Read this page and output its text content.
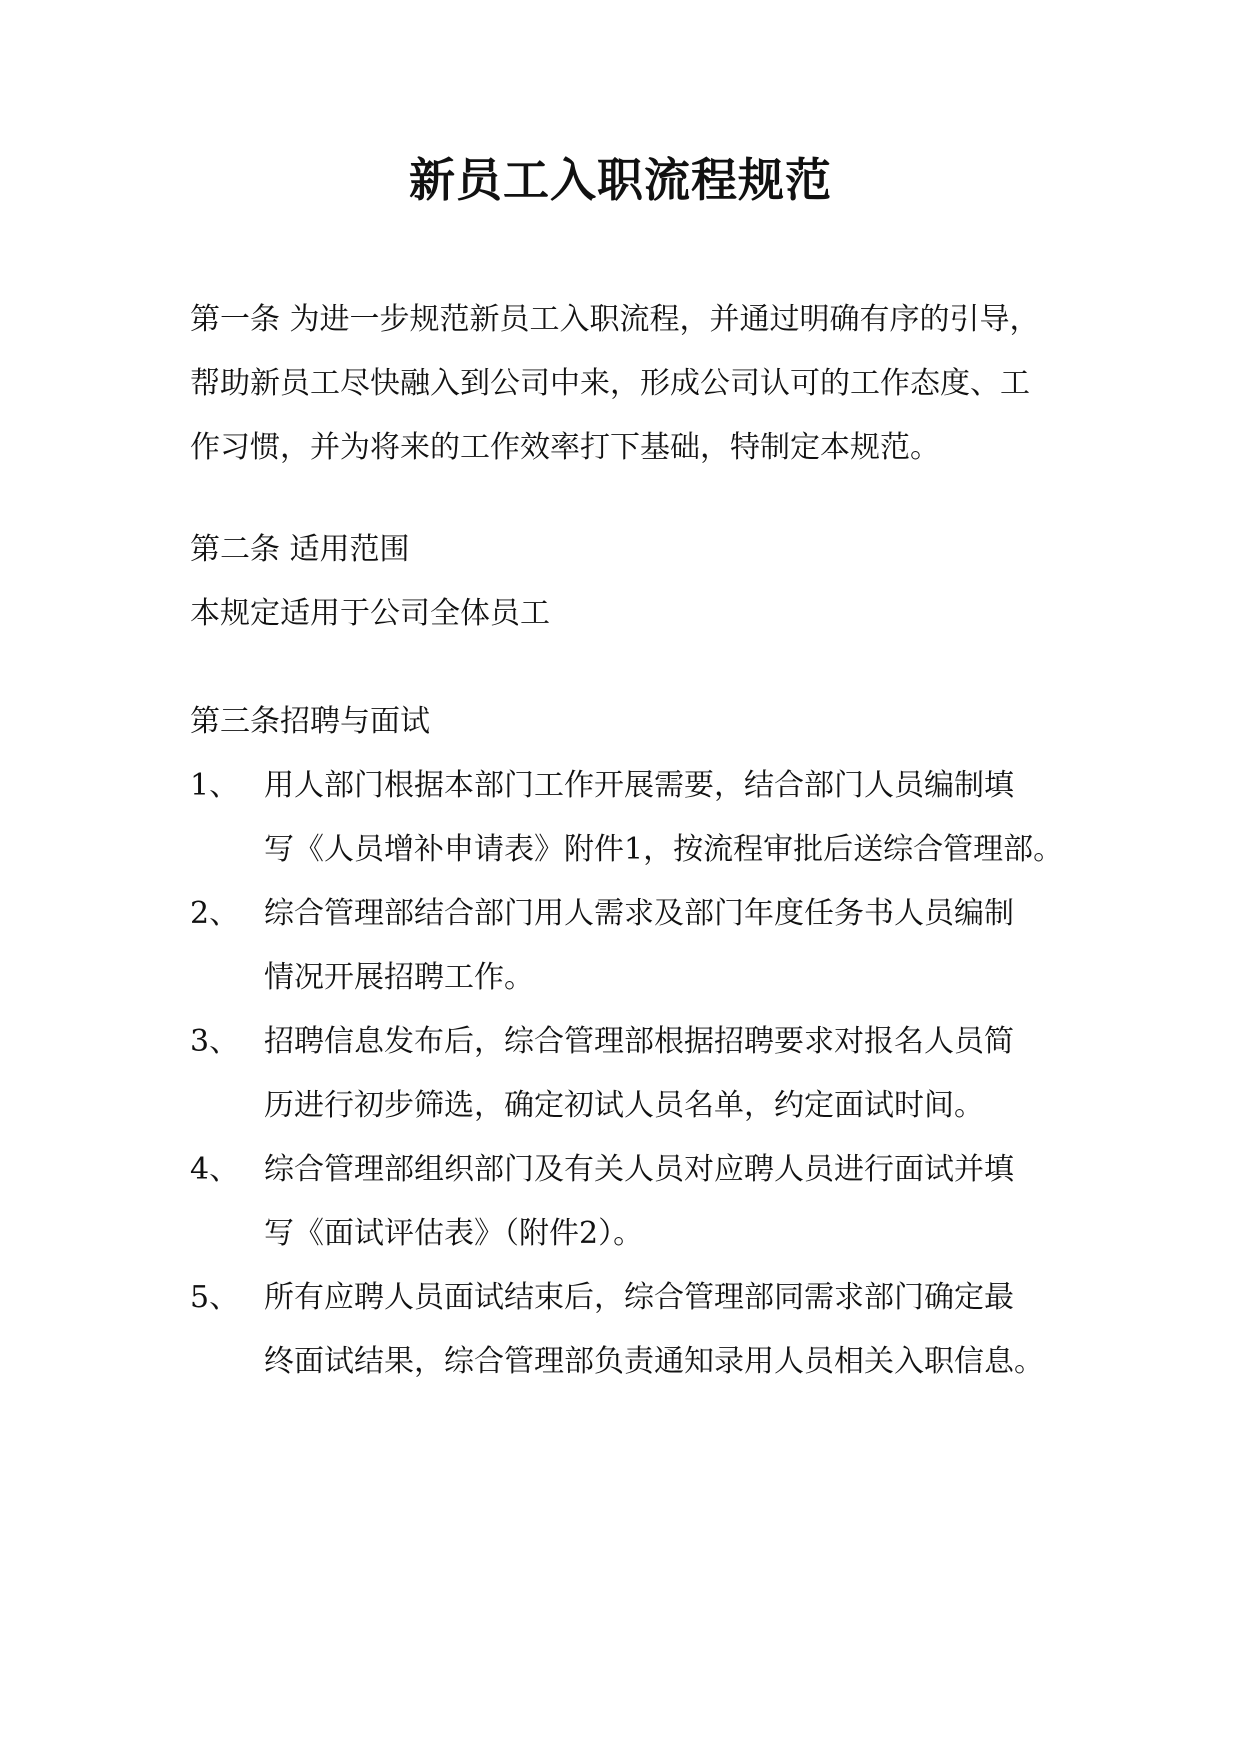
新员工入职流程规范
第一条 为进一步规范新员工入职流程，并通过明确有序的引导，
帮助新员工尽快融入到公司中来，形成公司认可的工作态度、工
作习惯，并为将来的工作效率打下基础，特制定本规范。
第二条 适用范围
本规定适用于公司全体员工
第三条招聘与面试
1、 用人部门根据本部门工作开展需要，结合部门人员编制填
写《人员增补申请表》附件1，按流程审批后送综合管理部。
2、 综合管理部结合部门用人需求及部门年度任务书人员编制
情况开展招聘工作。
3、 招聘信息发布后，综合管理部根据招聘要求对报名人员简
历进行初步筛选，确定初试人员名单，约定面试时间。
4、 综合管理部组织部门及有关人员对应聘人员进行面试并填
写《面试评估表》（附件2）。
5、 所有应聘人员面试结束后，综合管理部同需求部门确定最
终面试结果，综合管理部负责通知录用人员相关入职信息。
